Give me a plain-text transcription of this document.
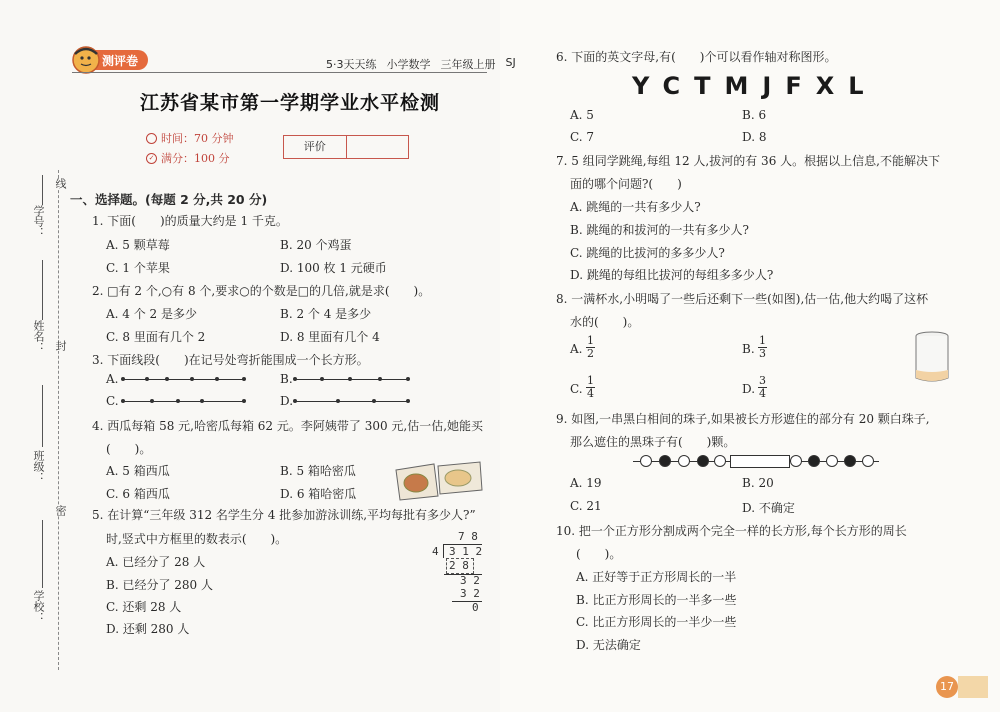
线
封
密
学号：
姓名：
班级：
学校：
测评卷	5·3天天练 小学数学 三年级上册 SJ
江苏省某市第一学期学业水平检测
时间：70 分钟
✓ 满分：100 分
评价
一、选择题。(每题 2 分,共 20 分)
1. 下面(　　)的质量大约是 1 千克。
A. 5 颗草莓	B. 20 个鸡蛋
C. 1 个苹果	D. 100 枚 1 元硬币
2. □有 2 个,○有 8 个,要求○的个数是□的几倍,就是求(　　)。
A. 4 个 2 是多少	B. 2 个 4 是多少
C. 8 里面有几个 2	D. 8 里面有几个 4
3. 下面线段(　　)在记号处弯折能围成一个长方形。
A.	B.
C.	D.
4. 西瓜每箱 58 元,哈密瓜每箱 62 元。李阿姨带了 300 元,估一估,她能买
(　　)。
A. 5 箱西瓜	B. 5 箱哈密瓜
C. 6 箱西瓜	D. 6 箱哈密瓜
5. 在计算“三年级 312 名学生分 4 批参加游泳训练,平均每批有多少人?”
时,竖式中方框里的数表示(　　)。
A. 已经分了 28 人
B. 已经分了 280 人
C. 还剩 28 人
D. 还剩 280 人
7 8
4 3 1 2
2 8
3 2
3 2
0
6. 下面的英文字母,有(　　)个可以看作轴对称图形。
YCTMJFXL
A. 5	B. 6
C. 7	D. 8
7. 5 组同学跳绳,每组 12 人,拔河的有 36 人。根据以上信息,不能解决下
面的哪个问题?(　　)
A. 跳绳的一共有多少人?
B. 跳绳的和拔河的一共有多少人?
C. 跳绳的比拔河的多多少人?
D. 跳绳的每组比拔河的每组多多少人?
8. 一满杯水,小明喝了一些后还剩下一些(如图),估一估,他大约喝了这杯
水的(　　)。
A. $\frac{1}{2}$	B. $\frac{1}{3}$
C. $\frac{1}{4}$	D. $\frac{3}{4}$
9. 如图,一串黑白相间的珠子,如果被长方形遮住的部分有 20 颗白珠子,
那么遮住的黑珠子有(　　)颗。
A. 19	B. 20
C. 21	D. 不确定
10. 把一个正方形分割成两个完全一样的长方形,每个长方形的周长
(　　)。
A. 正好等于正方形周长的一半
B. 比正方形周长的一半多一些
C. 比正方形周长的一半少一些
D. 无法确定
17
